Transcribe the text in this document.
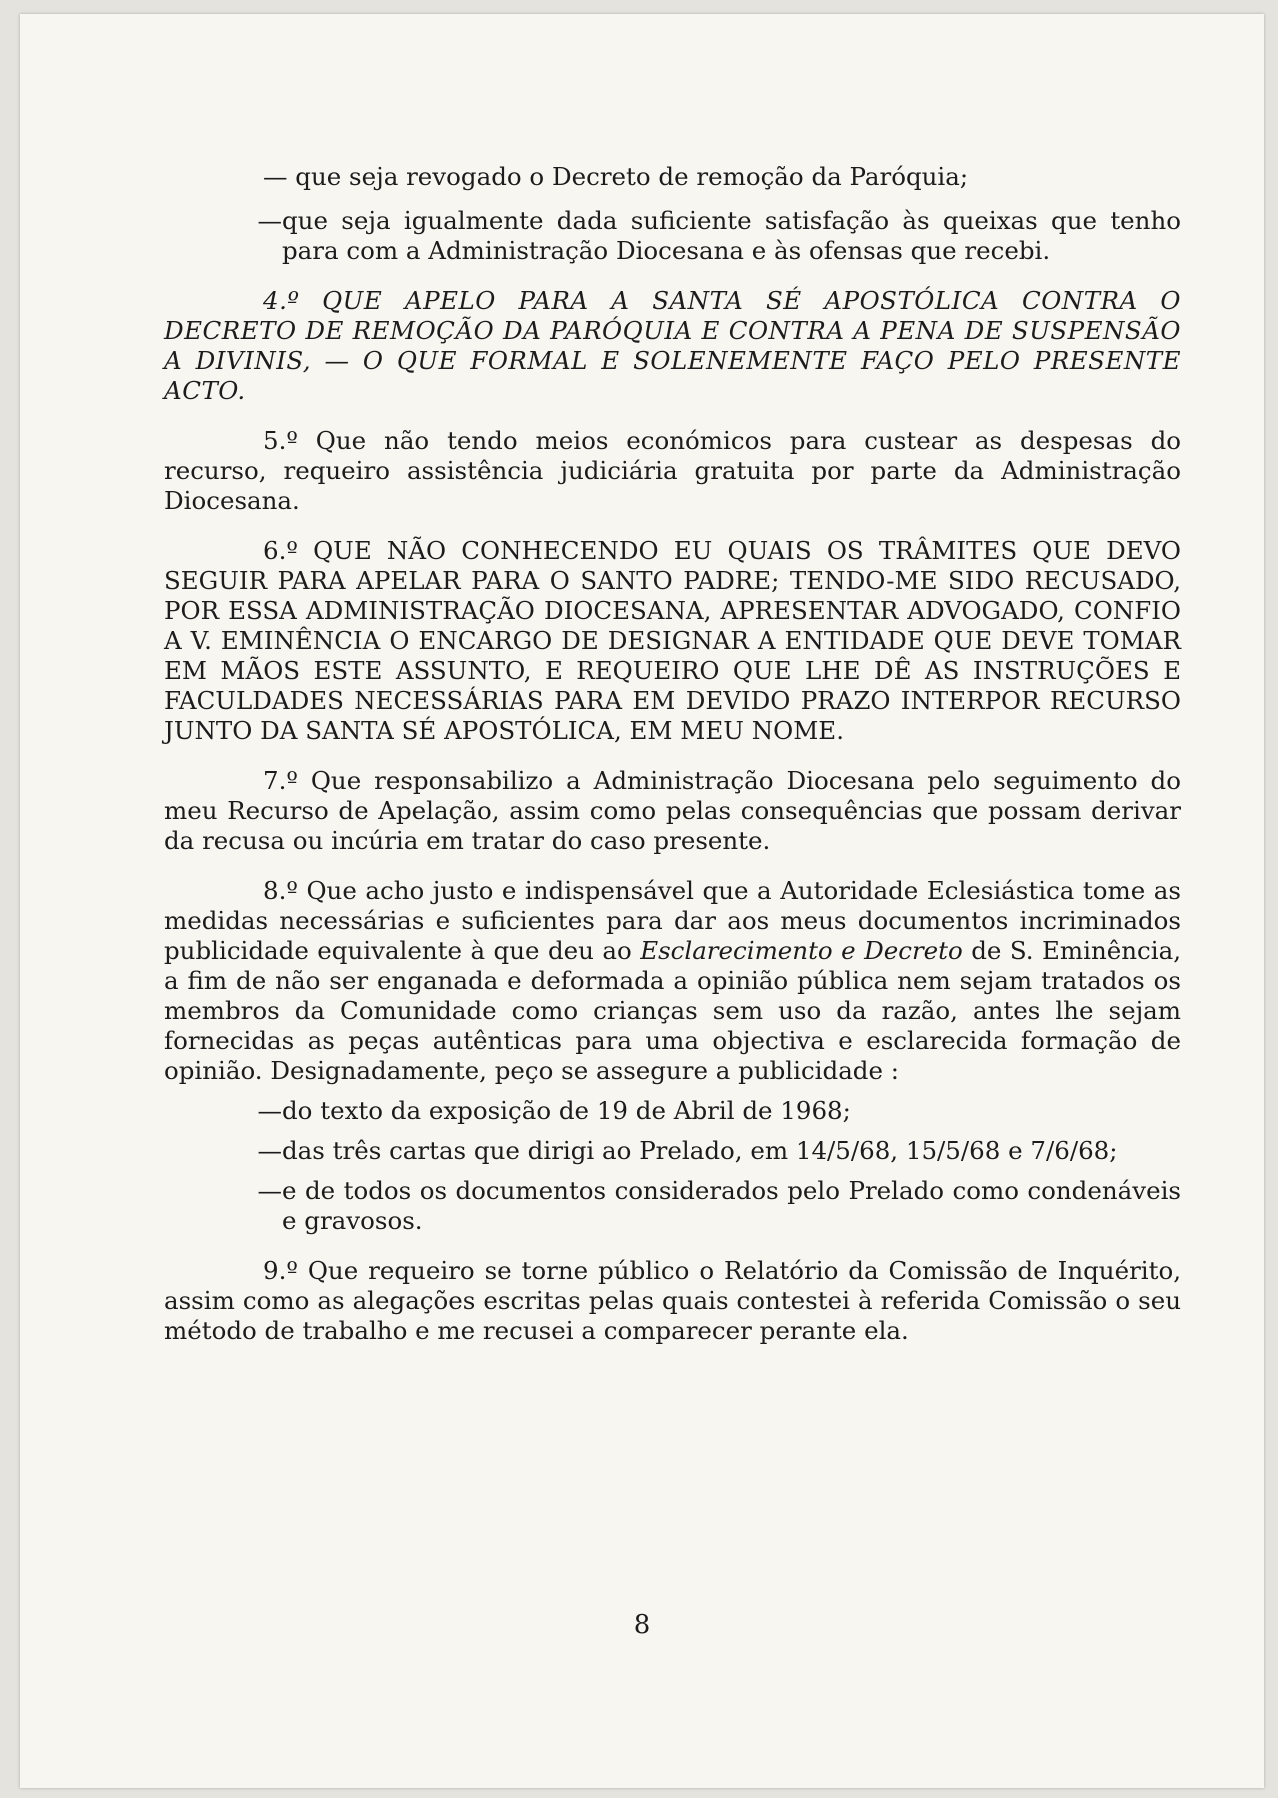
— que seja revogado o Decreto de remoção da Paróquia;
— que seja igualmente dada suficiente satisfação às queixas que tenho para com a Administração Diocesana e às ofensas que recebi.
4.º QUE APELO PARA A SANTA SÉ APOSTÓLICA CONTRA O DECRETO DE REMOÇÃO DA PARÓQUIA E CONTRA A PENA DE SUSPENSÃO A DIVINIS, — O QUE FORMAL E SOLENEMENTE FAÇO PELO PRESENTE ACTO.
5.º Que não tendo meios económicos para custear as despesas do recurso, requeiro assistência judiciária gratuita por parte da Administração Diocesana.
6.º QUE NÃO CONHECENDO EU QUAIS OS TRÂMITES QUE DEVO SEGUIR PARA APELAR PARA O SANTO PADRE; TENDO-ME SIDO RECUSADO, POR ESSA ADMINISTRAÇÃO DIOCESANA, APRESENTAR ADVOGADO, CONFIO A V. EMINÊNCIA O ENCARGO DE DESIGNAR A ENTIDADE QUE DEVE TOMAR EM MÃOS ESTE ASSUNTO, E REQUEIRO QUE LHE DÊ AS INSTRUÇÕES E FACULDADES NECESSÁRIAS PARA EM DEVIDO PRAZO INTERPOR RECURSO JUNTO DA SANTA SÉ APOSTÓLICA, EM MEU NOME.
7.º Que responsabilizo a Administração Diocesana pelo seguimento do meu Recurso de Apelação, assim como pelas consequências que possam derivar da recusa ou incúria em tratar do caso presente.
8.º Que acho justo e indispensável que a Autoridade Eclesiástica tome as medidas necessárias e suficientes para dar aos meus documentos incriminados publicidade equivalente à que deu ao Esclarecimento e Decreto de S. Eminência, a fim de não ser enganada e deformada a opinião pública nem sejam tratados os membros da Comunidade como crianças sem uso da razão, antes lhe sejam fornecidas as peças autênticas para uma objectiva e esclarecida formação de opinião. Designadamente, peço se assegure a publicidade :
— do texto da exposição de 19 de Abril de 1968;
— das três cartas que dirigi ao Prelado, em 14/5/68, 15/5/68 e 7/6/68;
— e de todos os documentos considerados pelo Prelado como condenáveis e gravosos.
9.º Que requeiro se torne público o Relatório da Comissão de Inquérito, assim como as alegações escritas pelas quais contestei à referida Comissão o seu método de trabalho e me recusei a comparecer perante ela.
8
